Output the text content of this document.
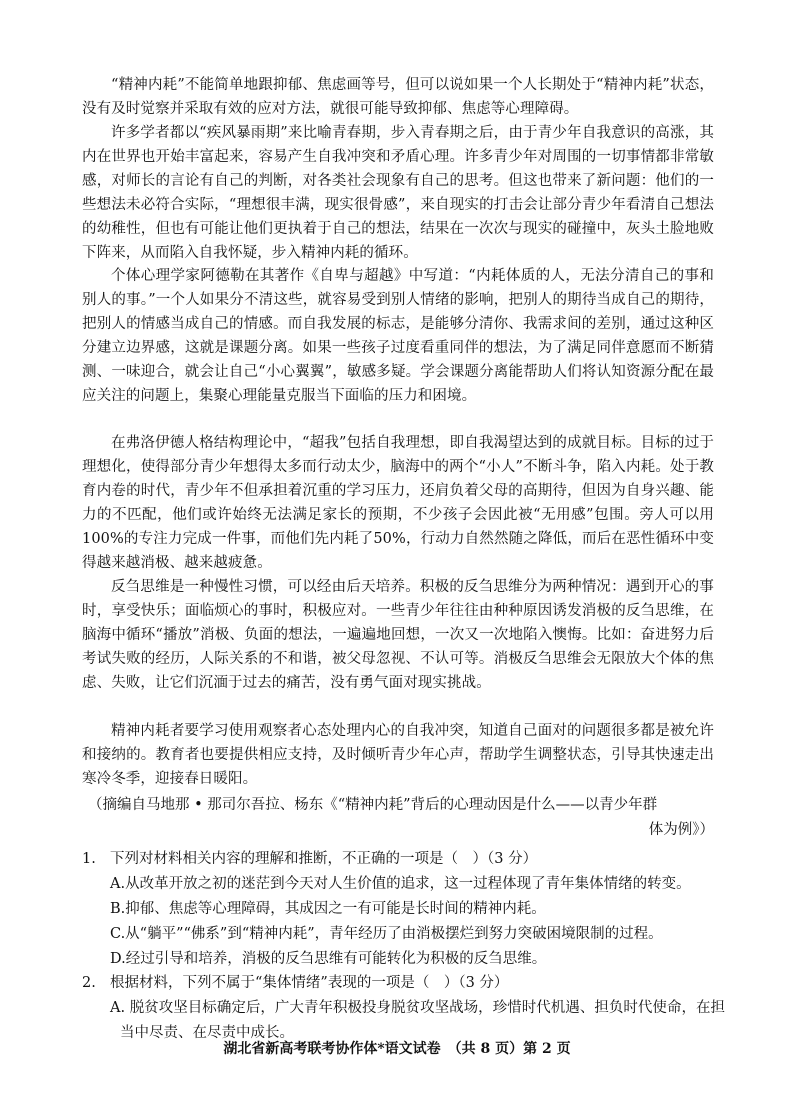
“精神内耗”不能简单地跟抑郁、焦虑画等号，但可以说如果一个人长期处于“精神内耗”状态，没有及时觉察并采取有效的应对方法，就很可能导致抑郁、焦虑等心理障碍。

许多学者都以“疾风暴雨期”来比喻青春期，步入青春期之后，由于青少年自我意识的高涨，其内在世界也开始丰富起来，容易产生自我冲突和矛盾心理。许多青少年对周围的一切事情都非常敏感，对师长的言论有自己的判断，对各类社会现象有自己的思考。但这也带来了新问题：他们的一些想法未必符合实际，“理想很丰满，现实很骨感”，来自现实的打击会让部分青少年看清自己想法的幼稚性，但也有可能让他们更执着于自己的想法，结果在一次次与现实的碰撞中，灰头土脸地败下阵来，从而陷入自我怀疑，步入精神内耗的循环。

个体心理学家阿德勒在其著作《自卑与超越》中写道：“内耗体质的人，无法分清自己的事和别人的事。”一个人如果分不清这些，就容易受到别人情绪的影响，把别人的期待当成自己的期待，把别人的情感当成自己的情感。而自我发展的标志，是能够分清你、我需求间的差别，通过这种区分建立边界感，这就是课题分离。如果一些孩子过度看重同伴的想法，为了满足同伴意愿而不断猜测、一味迎合，就会让自己“小心翼翼”，敏感多疑。学会课题分离能帮助人们将认知资源分配在最应关注的问题上，集聚心理能量克服当下面临的压力和困境。

在弗洛伊德人格结构理论中，“超我”包括自我理想，即自我渴望达到的成就目标。目标的过于理想化，使得部分青少年想得太多而行动太少，脑海中的两个“小人”不断斗争，陷入内耗。处于教育内卷的时代，青少年不但承担着沉重的学习压力，还肩负着父母的高期待，但因为自身兴趣、能力的不匹配，他们或许始终无法满足家长的预期，不少孩子会因此被“无用感”包围。旁人可以用100%的专注力完成一件事，而他们先内耗了50%，行动力自然然随之降低，而后在恶性循环中变得越来越消极、越来越疲惫。

反刍思维是一种慢性习惯，可以经由后天培养。积极的反刍思维分为两种情况：遇到开心的事时，享受快乐；面临烦心的事时，积极应对。一些青少年往往由种种原因诱发消极的反刍思维，在脑海中循环“播放”消极、负面的想法，一遍遍地回想，一次又一次地陷入懊悔。比如：奋进努力后考试失败的经历，人际关系的不和谐，被父母忽视、不认可等。消极反刍思维会无限放大个体的焦虑、失败，让它们沉湎于过去的痛苦，没有勇气面对现实挑战。

精神内耗者要学习使用观察者心态处理内心的自我冲突，知道自己面对的问题很多都是被允许和接纳的。教育者也要提供相应支持，及时倾听青少年心声，帮助学生调整状态，引导其快速走出寒冷冬季，迎接春日暖阳。

（摘编自马地那 • 那司尔吾拉、杨东《“精神内耗”背后的心理动因是什么——以青少年群
体为例》）
1. 下列对材料相关内容的理解和推断，不正确的一项是（　）（3 分）

A.从改革开放之初的迷茫到今天对人生价值的追求，这一过程体现了青年集体情绪的转变。

B.抑郁、焦虑等心理障碍，其成因之一有可能是长时间的精神内耗。

C.从“躺平”“佛系”到“精神内耗”，青年经历了由消极摆烂到努力突破困境限制的过程。

D.经过引导和培养，消极的反刍思维有可能转化为积极的反刍思维。

2. 根据材料，下列不属于“集体情绪”表现的一项是（　）（3 分）

A. 脱贫攻坚目标确定后，广大青年积极投身脱贫攻坚战场，珍惜时代机遇、担负时代使命，在担当中尽责、在尽责中成长。

湖北省新高考联考协作体*语文试卷　（共 8 页）第 2 页
